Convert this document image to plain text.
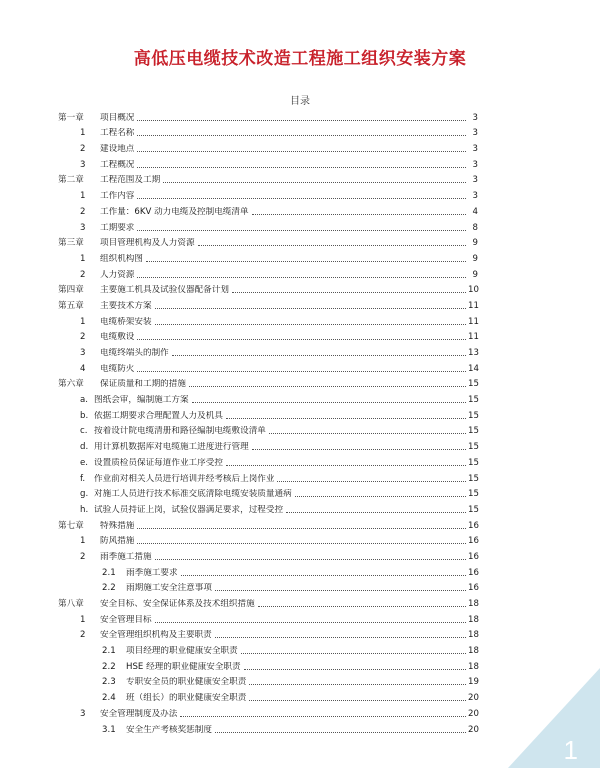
高低压电缆技术改造工程施工组织安装方案
目录
第一章	项目概况	3
1	工程名称	3
2	建设地点	3
3	工程概况	3
第二章	工程范围及工期	3
1	工作内容	3
2	工作量：6KV 动力电缆及控制电缆清单	4
3	工期要求	8
第三章	项目管理机构及人力资源	9
1	组织机构图	9
2	人力资源	9
第四章	主要施工机具及试验仪器配备计划	10
第五章	主要技术方案	11
1	电缆桥架安装	11
2	电缆敷设	11
3	电缆终端头的制作	13
4	电缆防火	14
第六章	保证质量和工期的措施	15
a. 图纸会审，编制施工方案	15
b. 依据工期要求合理配置人力及机具	15
c. 按着设计院电缆清册和路径编制电缆敷设清单	15
d. 用计算机数据库对电缆施工进度进行管理	15
e. 设置质检员保证每道作业工序受控	15
f.	作业前对相关人员进行培训并经考核后上岗作业	15
g. 对施工人员进行技术标准交底清除电缆安装质量通病	15
h. 试验人员持证上岗，试验仪器满足要求，过程受控	15
第七章	特殊措施	16
1	防风措施	16
2	雨季施工措施	16
2.1	雨季施工要求	16
2.2	雨期施工安全注意事项	16
第八章	安全目标、安全保证体系及技术组织措施	18
1	安全管理目标	18
2	安全管理组织机构及主要职责	18
2.1	项目经理的职业健康安全职责	18
2.2	HSE 经理的职业健康安全职责	18
2.3	专职安全员的职业健康安全职责	19
2.4	班（组长）的职业健康安全职责	20
3	安全管理制度及办法	20
3.1	安全生产考核奖惩制度	20
1
